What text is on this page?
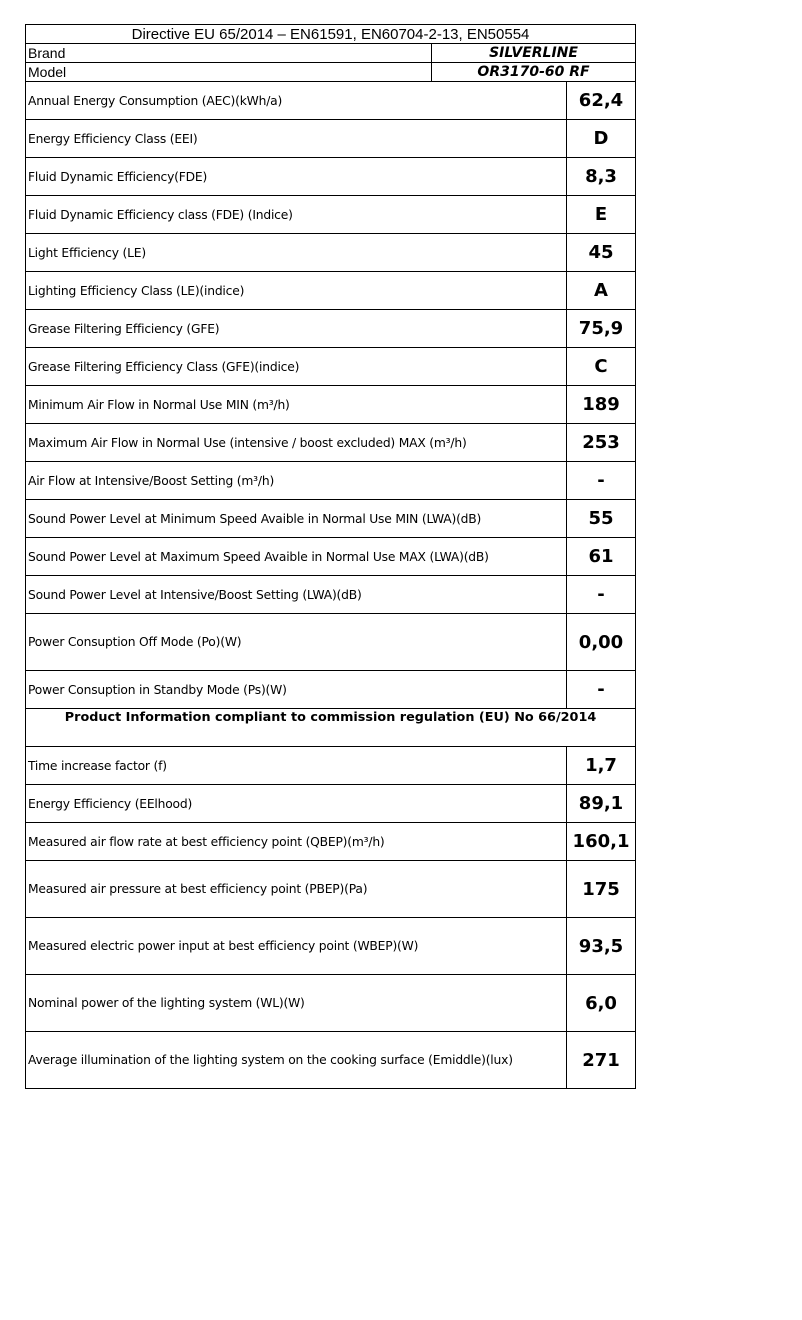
Directive EU 65/2014 – EN61591, EN60704-2-13, EN50554		
Brand	SILVERLINE	
Model	OR3170-60 RF	
Annual Energy Consumption (AEC)(kWh/a)		62,4
Energy Efficiency Class (EEI)		D
Fluid Dynamic Efficiency(FDE)		8,3
Fluid Dynamic Efficiency class (FDE) (Indice)		E
Light Efficiency (LE)		45
Lighting Efficiency Class (LE)(indice)		A
Grease Filtering Efficiency (GFE)		75,9
Grease Filtering Efficiency Class (GFE)(indice)		C
Minimum Air Flow in Normal Use MIN (m³/h)		189
Maximum Air Flow in Normal Use (intensive / boost excluded) MAX (m³/h)		253
Air Flow at Intensive/Boost Setting (m³/h)		-
Sound Power Level at Minimum Speed Avaible in Normal Use MIN (LWA)(dB)		55
Sound Power Level at Maximum Speed Avaible in Normal Use MAX (LWA)(dB)		61
Sound Power Level at Intensive/Boost Setting (LWA)(dB)		-
Power Consuption Off Mode (Po)(W)		0,00
Power Consuption in Standby Mode (Ps)(W)		-
Product Information compliant to commission regulation (EU) No 66/2014		
Time increase factor (f)		1,7
Energy Efficiency (EElhood)		89,1
Measured air flow rate at best efficiency point (QBEP)(m³/h)		160,1
Measured air pressure at best efficiency point (PBEP)(Pa)		175
Measured electric power input at best efficiency point (WBEP)(W)		93,5
Nominal power of the lighting system (WL)(W)		6,0
Average illumination of the lighting system on the cooking surface (Emiddle)(lux)		271
